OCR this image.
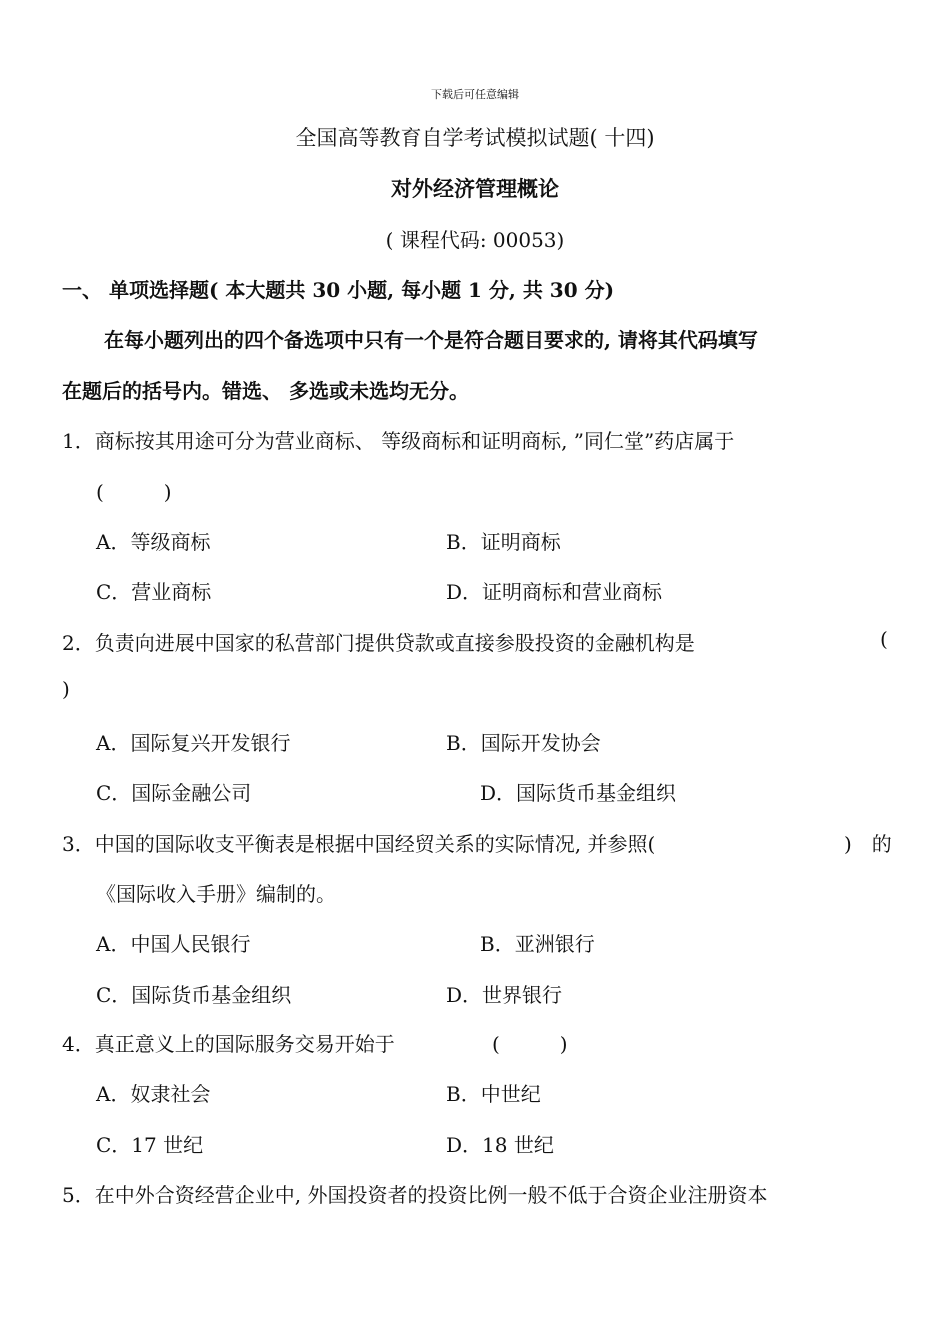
下载后可任意编辑
全国高等教育自学考试模拟试题( 十四)
对外经济管理概论
( 课程代码: 00053)
一、 单项选择题( 本大题共 30 小题, 每小题 1 分, 共 30 分)
在每小题列出的四个备选项中只有一个是符合题目要求的, 请将其代码填写
在题后的括号内。错选、 多选或未选均无分。
1．商标按其用途可分为营业商标、 等级商标和证明商标, ”同仁堂”药店属于
(　　　)
A．等级商标	B．证明商标
C．营业商标	D．证明商标和营业商标
2．负责向进展中国家的私营部门提供贷款或直接参股投资的金融机构是	(
)
A．国际复兴开发银行	B．国际开发协会
C．国际金融公司	D．国际货币基金组织
3．中国的国际收支平衡表是根据中国经贸关系的实际情况, 并参照(	)　的
《国际收入手册》编制的。
A．中国人民银行	B．亚洲银行
C．国际货币基金组织	D．世界银行
4．真正意义上的国际服务交易开始于	(　　　)
A．奴隶社会	B．中世纪
C．17 世纪	D．18 世纪
5．在中外合资经营企业中, 外国投资者的投资比例一般不低于合资企业注册资本
